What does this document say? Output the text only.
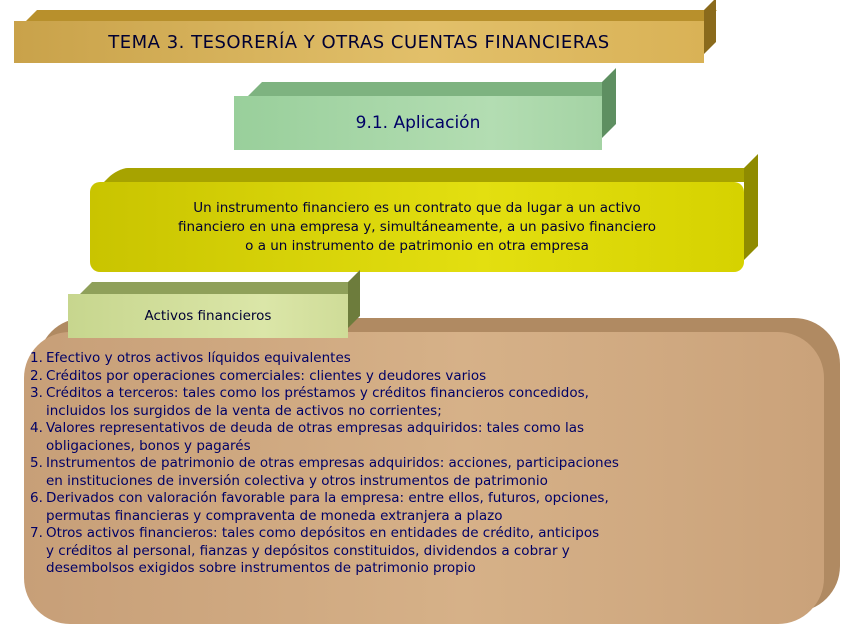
TEMA 3. TESORERÍA Y OTRAS CUENTAS FINANCIERAS
9.1. Aplicación
Un instrumento financiero es un contrato que da lugar a un activo
financiero en una empresa y, simultáneamente, a un pasivo financiero
o a un instrumento de patrimonio en otra empresa
Activos financieros
1. Efectivo y otros activos líquidos equivalentes
2. Créditos por operaciones comerciales: clientes y deudores varios
3. Créditos a terceros: tales como los préstamos y créditos financieros concedidos,
incluidos los surgidos de la venta de activos no corrientes;
4. Valores representativos de deuda de otras empresas adquiridos: tales como las
obligaciones, bonos y pagarés
5. Instrumentos de patrimonio de otras empresas adquiridos: acciones, participaciones
en instituciones de inversión colectiva y otros instrumentos de patrimonio
6. Derivados con valoración favorable para la empresa: entre ellos, futuros, opciones,
permutas financieras y compraventa de moneda extranjera a plazo
7. Otros activos financieros: tales como depósitos en entidades de crédito, anticipos
y créditos al personal, fianzas y depósitos constituidos, dividendos a cobrar y
desembolsos exigidos sobre instrumentos de patrimonio propio
